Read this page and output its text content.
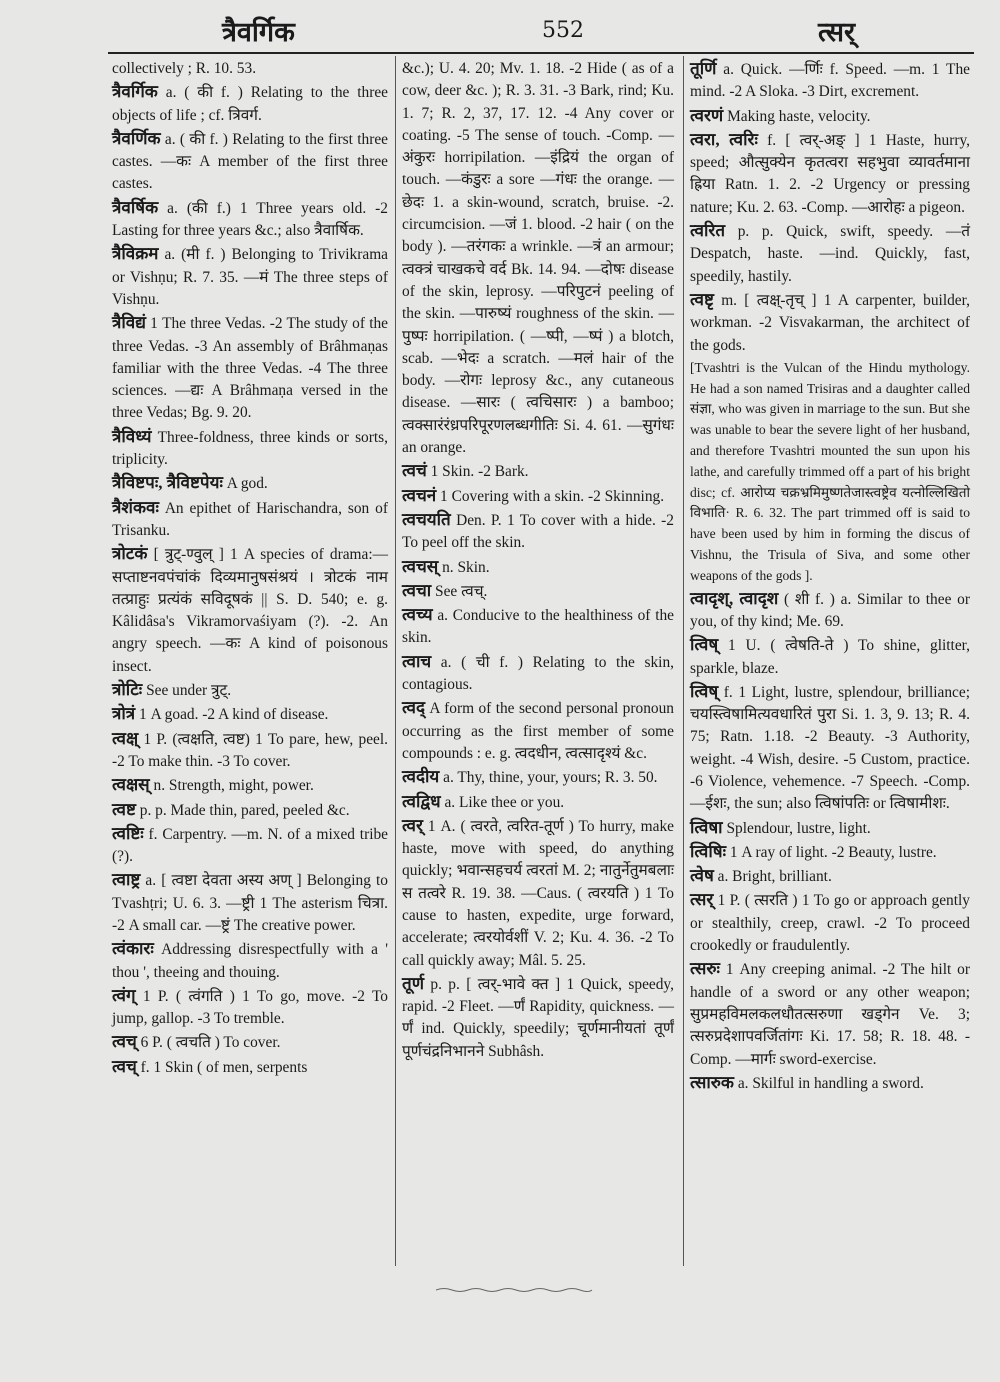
त्रैवर्गिक	552	त्सर्
collectively ; R. 10. 53.
त्रैवर्गिक a. ( की f. ) Relating to the three objects of life ; cf. त्रिवर्ग.
त्रैवर्णिक a. ( की f. ) Relating to the first three castes. —कः A member of the first three castes.
त्रैवर्षिक a. (की f.) 1 Three years old. -2 Lasting for three years &c.; also त्रैवार्षिक.
त्रैविक्रम a. (मी f. ) Belonging to Trivikrama or Vishṇu; R. 7. 35. —मं The three steps of Vishṇu.
त्रैविद्यं 1 The three Vedas. -2 The study of the three Vedas. -3 An assembly of Brâhmaṇas familiar with the three Vedas. -4 The three sciences. —द्यः A Brâhmaṇa versed in the three Vedas; Bg. 9. 20.
त्रैविध्यं Three-foldness, three kinds or sorts, triplicity.
त्रैविष्टपः, त्रैविष्टपेयः A god.
त्रैशंकवः An epithet of Harischandra, son of Trisanku.
त्रोटकं [ त्रुट्-ण्वुल् ] 1 A species of drama:—सप्ताष्टनवपंचांकं दिव्यमानुषसंश्रयं । त्रोटकं नाम तत्प्राहुः प्रत्यंकं सविदूषकं || S. D. 540; e. g. Kâlidâsa's Vikramorvaśiyam (?). -2. An angry speech. —कः A kind of poisonous insect.
त्रोटिः See under त्रुट्.
त्रोत्रं 1 A goad. -2 A kind of disease.
त्वक्ष् 1 P. (त्वक्षति, त्वष्ट) 1 To pare, hew, peel. -2 To make thin. -3 To cover.
त्वक्षस् n. Strength, might, power.
त्वष्ट p. p. Made thin, pared, peeled &c.
त्वष्टिः f. Carpentry. —m. N. of a mixed tribe (?).
त्वाष्ट्र a. [ त्वष्टा देवता अस्य अण् ] Belonging to Tvashṭri; U. 6. 3. —ष्ट्री 1 The asterism चित्रा. -2 A small car. —ष्ट्रं The creative power.
त्वंकारः Addressing disrespectfully with a ' thou ', theeing and thouing.
त्वंग् 1 P. ( त्वंगति ) 1 To go, move. -2 To jump, gallop. -3 To tremble.
त्वच् 6 P. ( त्वचति ) To cover.
त्वच् f. 1 Skin ( of men, serpents
&c.); U. 4. 20; Mv. 1. 18. -2 Hide ( as of a cow, deer &c. ); R. 3. 31. -3 Bark, rind; Ku. 1. 7; R. 2, 37, 17. 12. -4 Any cover or coating. -5 The sense of touch. -Comp. —अंकुरः horripilation. —इंद्रियं the organ of touch. —कंडुरः a sore —गंधः the orange. —छेदः 1. a skin-wound, scratch, bruise. -2. circumcision. —जं 1. blood. -2 hair ( on the body ). —तरंगकः a wrinkle. —त्रं an armour; त्वक्त्रं चाखकचे वर्द Bk. 14. 94. —दोषः disease of the skin, leprosy. —परिपुटनं peeling of the skin. —पारुष्यं roughness of the skin. —पुष्पः horripilation. ( —ष्पी, —ष्पं ) a blotch, scab. —भेदः a scratch. —मलं hair of the body. —रोगः leprosy &c., any cutaneous disease. —सारः ( त्वचिसारः ) a bamboo; त्वक्सारंरंध्रपरिपूरणलब्धगीतिः Si. 4. 61. —सुगंधः an orange.
त्वचं 1 Skin. -2 Bark.
त्वचनं 1 Covering with a skin. -2 Skinning.
त्वचयति Den. P. 1 To cover with a hide. -2 To peel off the skin.
त्वचस् n. Skin.
त्वचा See त्वच्.
त्वच्य a. Conducive to the healthiness of the skin.
त्वाच a. ( ची f. ) Relating to the skin, contagious.
त्वद् A form of the second personal pronoun occurring as the first member of some compounds : e. g. त्वदधीन, त्वत्सादृश्यं &c.
त्वदीय a. Thy, thine, your, yours; R. 3. 50.
त्वद्विध a. Like thee or you.
त्वर् 1 A. ( त्वरते, त्वरित-तूर्ण ) To hurry, make haste, move with speed, do anything quickly; भवान्सहचर्य त्वरतां M. 2; नातुर्नेतुमबलाः स तत्वरे R. 19. 38. —Caus. ( त्वरयति ) 1 To cause to hasten, expedite, urge forward, accelerate; त्वरयोर्वशीं V. 2; Ku. 4. 36. -2 To call quickly away; Mâl. 5. 25.
तूर्ण p. p. [ त्वर्-भावे क्त ] 1 Quick, speedy, rapid. -2 Fleet. —र्णं Rapidity, quickness. —र्णं ind. Quickly, speedily; चूर्णमानीयतां तूर्णं पूर्णचंद्रनिभानने Subhâsh.
तूर्णि a. Quick. —र्णिः f. Speed. —m. 1 The mind. -2 A Sloka. -3 Dirt, excrement.
त्वरणं Making haste, velocity.
त्वरा, त्वरिः f. [ त्वर्-अङ् ] 1 Haste, hurry, speed; औत्सुक्येन कृतत्वरा सहभुवा व्यावर्तमाना ह्रिया Ratn. 1. 2. -2 Urgency or pressing nature; Ku. 2. 63. -Comp. —आरोहः a pigeon.
त्वरित p. p. Quick, swift, speedy. —तं Despatch, haste. —ind. Quickly, fast, speedily, hastily.
त्वष्टृ m. [ त्वक्ष्-तृच् ] 1 A carpenter, builder, workman. -2 Visvakarman, the architect of the gods.
[Tvashtri is the Vulcan of the Hindu mythology. He had a son named Trisiras and a daughter called संज्ञा, who was given in marriage to the sun. But she was unable to bear the severe light of her husband, and therefore Tvashtri mounted the sun upon his lathe, and carefully trimmed off a part of his bright disc; cf. आरोप्य चक्रभ्रमिमुष्णतेजास्त्वष्ट्रेव यत्नोल्लिखितो विभाति· R. 6. 32. The part trimmed off is said to have been used by him in forming the discus of Vishnu, the Trisula of Siva, and some other weapons of the gods ].
त्वादृश्, त्वादृश ( शी f. ) a. Similar to thee or you, of thy kind; Me. 69.
त्विष् 1 U. ( त्वेषति-ते ) To shine, glitter, sparkle, blaze.
त्विष् f. 1 Light, lustre, splendour, brilliance; चयस्त्विषामित्यवधारितं पुरा Si. 1. 3, 9. 13; R. 4. 75; Ratn. 1.18. -2 Beauty. -3 Authority, weight. -4 Wish, desire. -5 Custom, practice. -6 Violence, vehemence. -7 Speech. -Comp. —ईशः, the sun; also त्विषांपतिः or त्विषामीशः.
त्विषा Splendour, lustre, light.
त्विषिः 1 A ray of light. -2 Beauty, lustre.
त्वेष a. Bright, brilliant.
त्सर् 1 P. ( त्सरति ) 1 To go or approach gently or stealthily, creep, crawl. -2 To proceed crookedly or fraudulently.
त्सरुः 1 Any creeping animal. -2 The hilt or handle of a sword or any other weapon; सुप्रमहविमलकलधौतत्सरुणा खड्गेन Ve. 3; त्सरुप्रदेशापवर्जितांगः Ki. 17. 58; R. 18. 48. -Comp. —मार्गः sword-exercise.
त्सारुक a. Skilful in handling a sword.
